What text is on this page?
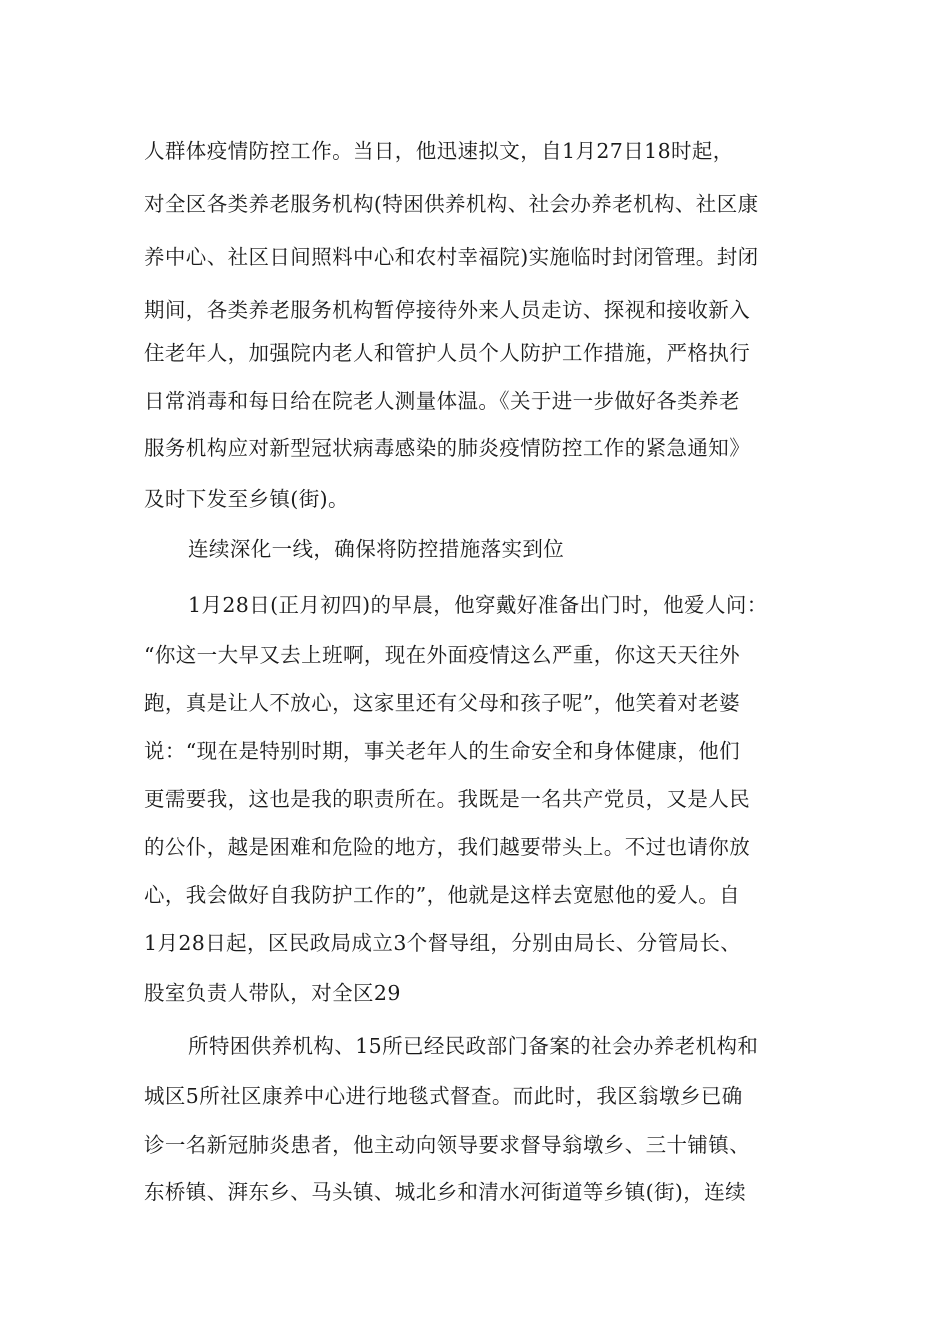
人群体疫情防控工作。当日，他迅速拟文，自1月27日18时起，
对全区各类养老服务机构(特困供养机构、社会办养老机构、社区康
养中心、社区日间照料中心和农村幸福院)实施临时封闭管理。封闭
期间，各类养老服务机构暂停接待外来人员走访、探视和接收新入
住老年人，加强院内老人和管护人员个人防护工作措施，严格执行
日常消毒和每日给在院老人测量体温。《关于进一步做好各类养老
服务机构应对新型冠状病毒感染的肺炎疫情防控工作的紧急通知》
及时下发至乡镇(街)。
连续深化一线，确保将防控措施落实到位
1月28日(正月初四)的早晨，他穿戴好准备出门时，他爱人问：
“你这一大早又去上班啊，现在外面疫情这么严重，你这天天往外
跑，真是让人不放心，这家里还有父母和孩子呢”，他笑着对老婆
说：“现在是特别时期，事关老年人的生命安全和身体健康，他们
更需要我，这也是我的职责所在。我既是一名共产党员，又是人民
的公仆，越是困难和危险的地方，我们越要带头上。不过也请你放
心，我会做好自我防护工作的”，他就是这样去宽慰他的爱人。自
1月28日起，区民政局成立3个督导组，分别由局长、分管局长、
股室负责人带队，对全区29
所特困供养机构、15所已经民政部门备案的社会办养老机构和
城区5所社区康养中心进行地毯式督查。而此时，我区翁墩乡已确
诊一名新冠肺炎患者，他主动向领导要求督导翁墩乡、三十铺镇、
东桥镇、湃东乡、马头镇、城北乡和清水河街道等乡镇(街)，连续
